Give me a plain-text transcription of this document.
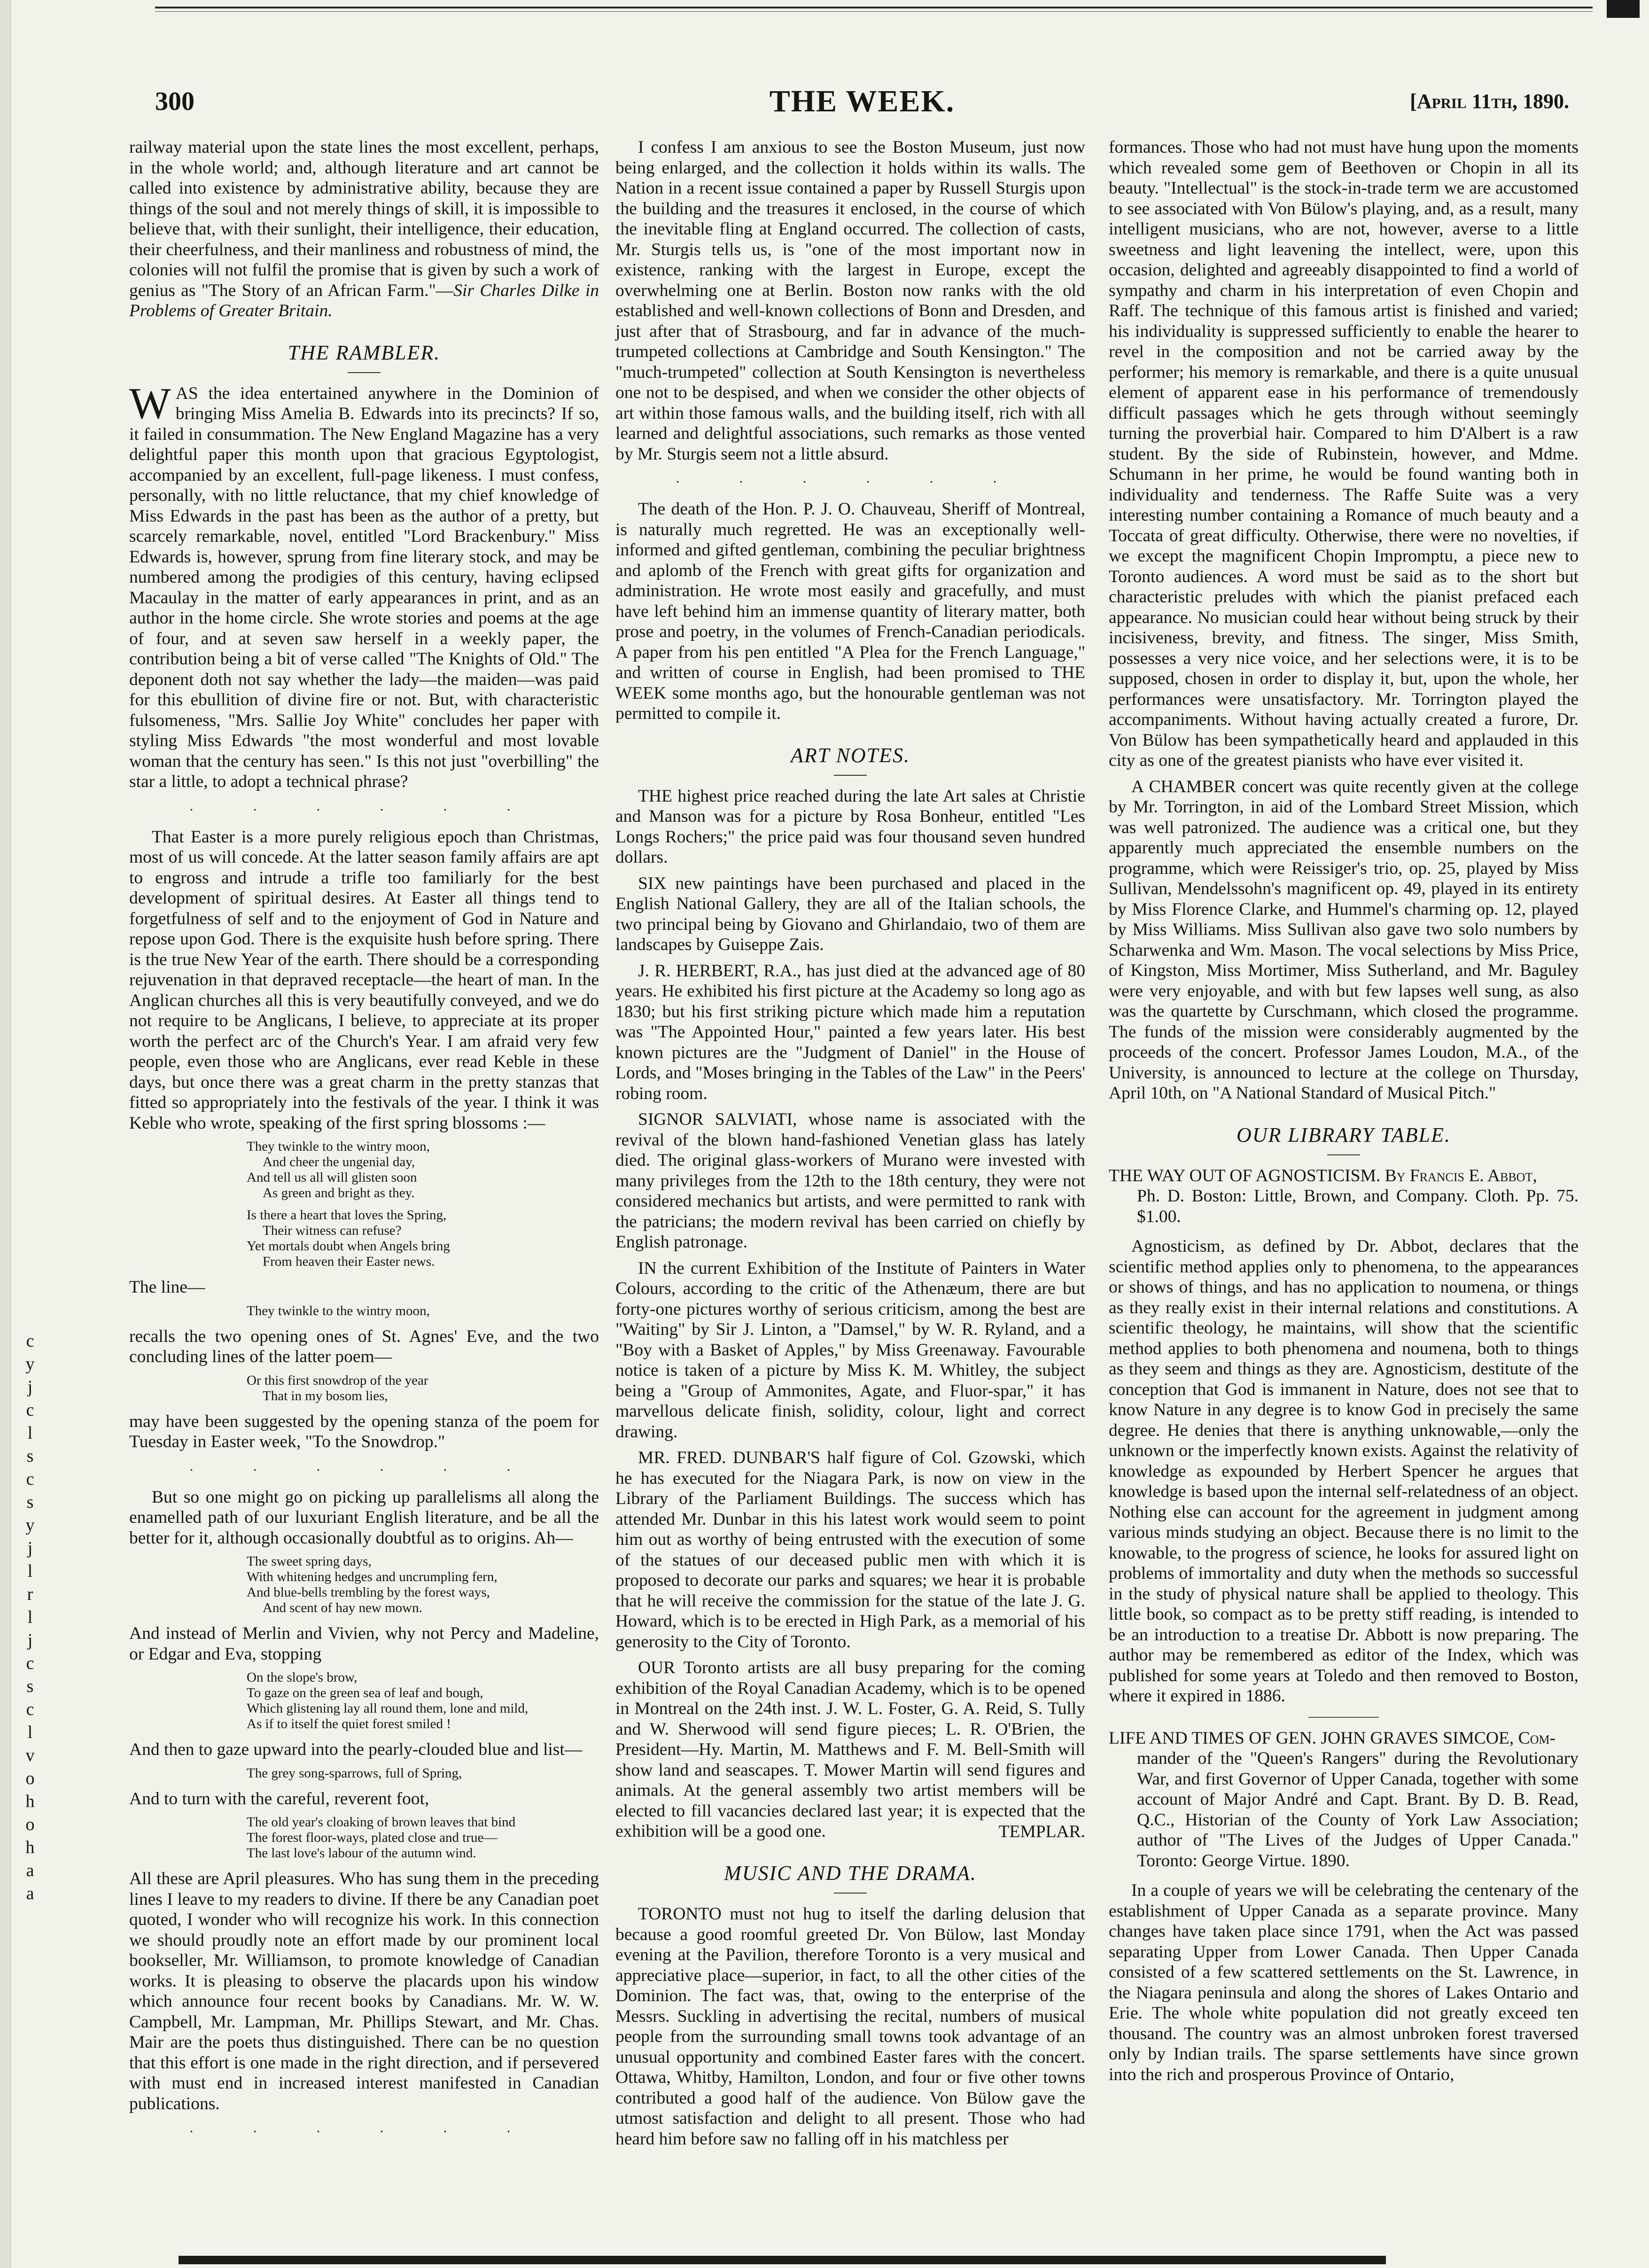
c
y
j
c
l
s
c
s
y
j
l
r
l
j
c
s
c
l
v
o
h
o
h
a
a
300	THE WEEK.	[April 11th, 1890.

railway material upon the state lines the most excellent, perhaps, in the whole world; and, although literature and art cannot be called into existence by administrative ability, because they are things of the soul and not merely things of skill, it is impossible to believe that, with their sunlight, their intelligence, their education, their cheerfulness, and their manliness and robustness of mind, the colonies will not fulfil the promise that is given by such a work of genius as "The Story of an African Farm."—Sir Charles Dilke in Problems of Greater Britain.

THE RAMBLER.

WAS the idea entertained anywhere in the Dominion of bringing Miss Amelia B. Edwards into its precincts? If so, it failed in consummation. The New England Magazine has a very delightful paper this month upon that gracious Egyptologist, accompanied by an excellent, full-page likeness. I must confess, personally, with no little reluctance, that my chief knowledge of Miss Edwards in the past has been as the author of a pretty, but scarcely remarkable, novel, entitled "Lord Brackenbury." Miss Edwards is, however, sprung from fine literary stock, and may be numbered among the prodigies of this century, having eclipsed Macaulay in the matter of early appearances in print, and as an author in the home circle. She wrote stories and poems at the age of four, and at seven saw herself in a weekly paper, the contribution being a bit of verse called "The Knights of Old." The deponent doth not say whether the lady—the maiden—was paid for this ebullition of divine fire or not. But, with characteristic fulsomeness, "Mrs. Sallie Joy White" concludes her paper with styling Miss Edwards "the most wonderful and most lovable woman that the century has seen." Is this not just "overbilling" the star a little, to adopt a technical phrase?

. . . . . .

That Easter is a more purely religious epoch than Christmas, most of us will concede. At the latter season family affairs are apt to engross and intrude a trifle too familiarly for the best development of spiritual desires. At Easter all things tend to forgetfulness of self and to the enjoyment of God in Nature and repose upon God. There is the exquisite hush before spring. There is the true New Year of the earth. There should be a corresponding rejuvenation in that depraved receptacle—the heart of man. In the Anglican churches all this is very beautifully conveyed, and we do not require to be Anglicans, I believe, to appreciate at its proper worth the perfect arc of the Church's Year. I am afraid very few people, even those who are Anglicans, ever read Keble in these days, but once there was a great charm in the pretty stanzas that fitted so appropriately into the festivals of the year. I think it was Keble who wrote, speaking of the first spring blossoms :—

They twinkle to the wintry moon,
And cheer the ungenial day,
And tell us all will glisten soon
As green and bright as they.
Is there a heart that loves the Spring,
Their witness can refuse?
Yet mortals doubt when Angels bring
From heaven their Easter news.

The line—

They twinkle to the wintry moon,

recalls the two opening ones of St. Agnes' Eve, and the two concluding lines of the latter poem—

Or this first snowdrop of the year
That in my bosom lies,

may have been suggested by the opening stanza of the poem for Tuesday in Easter week, "To the Snowdrop."

. . . . . .

But so one might go on picking up parallelisms all along the enamelled path of our luxuriant English literature, and be all the better for it, although occasionally doubtful as to origins. Ah—

The sweet spring days,
With whitening hedges and uncrumpling fern,
And blue-bells trembling by the forest ways,
And scent of hay new mown.

And instead of Merlin and Vivien, why not Percy and Madeline, or Edgar and Eva, stopping

On the slope's brow,
To gaze on the green sea of leaf and bough,
Which glistening lay all round them, lone and mild,
As if to itself the quiet forest smiled !

And then to gaze upward into the pearly-clouded blue and list—

The grey song-sparrows, full of Spring,

And to turn with the careful, reverent foot,

The old year's cloaking of brown leaves that bind
The forest floor-ways, plated close and true—
The last love's labour of the autumn wind.

All these are April pleasures. Who has sung them in the preceding lines I leave to my readers to divine. If there be any Canadian poet quoted, I wonder who will recognize his work. In this connection we should proudly note an effort made by our prominent local bookseller, Mr. Williamson, to promote knowledge of Canadian works. It is pleasing to observe the placards upon his window which announce four recent books by Canadians. Mr. W. W. Campbell, Mr. Lampman, Mr. Phillips Stewart, and Mr. Chas. Mair are the poets thus distinguished. There can be no question that this effort is one made in the right direction, and if persevered with must end in increased interest manifested in Canadian publications.

. . . . . .

I confess I am anxious to see the Boston Museum, just now being enlarged, and the collection it holds within its walls. The Nation in a recent issue contained a paper by Russell Sturgis upon the building and the treasures it enclosed, in the course of which the inevitable fling at England occurred. The collection of casts, Mr. Sturgis tells us, is "one of the most important now in existence, ranking with the largest in Europe, except the overwhelming one at Berlin. Boston now ranks with the old established and well-known collections of Bonn and Dresden, and just after that of Strasbourg, and far in advance of the much-trumpeted collections at Cambridge and South Kensington." The "much-trumpeted" collection at South Kensington is nevertheless one not to be despised, and when we consider the other objects of art within those famous walls, and the building itself, rich with all learned and delightful associations, such remarks as those vented by Mr. Sturgis seem not a little absurd.

. . . . . .

The death of the Hon. P. J. O. Chauveau, Sheriff of Montreal, is naturally much regretted. He was an exceptionally well-informed and gifted gentleman, combining the peculiar brightness and aplomb of the French with great gifts for organization and administration. He wrote most easily and gracefully, and must have left behind him an immense quantity of literary matter, both prose and poetry, in the volumes of French-Canadian periodicals. A paper from his pen entitled "A Plea for the French Language," and written of course in English, had been promised to THE WEEK some months ago, but the honourable gentleman was not permitted to compile it.

ART NOTES.

THE highest price reached during the late Art sales at Christie and Manson was for a picture by Rosa Bonheur, entitled "Les Longs Rochers;" the price paid was four thousand seven hundred dollars.

SIX new paintings have been purchased and placed in the English National Gallery, they are all of the Italian schools, the two principal being by Giovano and Ghirlandaio, two of them are landscapes by Guiseppe Zais.

J. R. HERBERT, R.A., has just died at the advanced age of 80 years. He exhibited his first picture at the Academy so long ago as 1830; but his first striking picture which made him a reputation was "The Appointed Hour," painted a few years later. His best known pictures are the "Judgment of Daniel" in the House of Lords, and "Moses bringing in the Tables of the Law" in the Peers' robing room.

SIGNOR SALVIATI, whose name is associated with the revival of the blown hand-fashioned Venetian glass has lately died. The original glass-workers of Murano were invested with many privileges from the 12th to the 18th century, they were not considered mechanics but artists, and were permitted to rank with the patricians; the modern revival has been carried on chiefly by English patronage.

IN the current Exhibition of the Institute of Painters in Water Colours, according to the critic of the Athenæum, there are but forty-one pictures worthy of serious criticism, among the best are "Waiting" by Sir J. Linton, a "Damsel," by W. R. Ryland, and a "Boy with a Basket of Apples," by Miss Greenaway. Favourable notice is taken of a picture by Miss K. M. Whitley, the subject being a "Group of Ammonites, Agate, and Fluor-spar," it has marvellous delicate finish, solidity, colour, light and correct drawing.

MR. FRED. DUNBAR'S half figure of Col. Gzowski, which he has executed for the Niagara Park, is now on view in the Library of the Parliament Buildings. The success which has attended Mr. Dunbar in this his latest work would seem to point him out as worthy of being entrusted with the execution of some of the statues of our deceased public men with which it is proposed to decorate our parks and squares; we hear it is probable that he will receive the commission for the statue of the late J. G. Howard, which is to be erected in High Park, as a memorial of his generosity to the City of Toronto.

OUR Toronto artists are all busy preparing for the coming exhibition of the Royal Canadian Academy, which is to be opened in Montreal on the 24th inst. J. W. L. Foster, G. A. Reid, S. Tully and W. Sherwood will send figure pieces; L. R. O'Brien, the President—Hy. Martin, M. Matthews and F. M. Bell-Smith will show land and seascapes. T. Mower Martin will send figures and animals. At the general assembly two artist members will be elected to fill vacancies declared last year; it is expected that the exhibition will be a good one.	TEMPLAR.

MUSIC AND THE DRAMA.

TORONTO must not hug to itself the darling delusion that because a good roomful greeted Dr. Von Bülow, last Monday evening at the Pavilion, therefore Toronto is a very musical and appreciative place—superior, in fact, to all the other cities of the Dominion. The fact was, that, owing to the enterprise of the Messrs. Suckling in advertising the recital, numbers of musical people from the surrounding small towns took advantage of an unusual opportunity and combined Easter fares with the concert. Ottawa, Whitby, Hamilton, London, and four or five other towns contributed a good half of the audience. Von Bülow gave the utmost satisfaction and delight to all present. Those who had heard him before saw no falling off in his matchless per

formances. Those who had not must have hung upon the moments which revealed some gem of Beethoven or Chopin in all its beauty. "Intellectual" is the stock-in-trade term we are accustomed to see associated with Von Bülow's playing, and, as a result, many intelligent musicians, who are not, however, averse to a little sweetness and light leavening the intellect, were, upon this occasion, delighted and agreeably disappointed to find a world of sympathy and charm in his interpretation of even Chopin and Raff. The technique of this famous artist is finished and varied; his individuality is suppressed sufficiently to enable the hearer to revel in the composition and not be carried away by the performer; his memory is remarkable, and there is a quite unusual element of apparent ease in his performance of tremendously difficult passages which he gets through without seemingly turning the proverbial hair. Compared to him D'Albert is a raw student. By the side of Rubinstein, however, and Mdme. Schumann in her prime, he would be found wanting both in individuality and tenderness. The Raffe Suite was a very interesting number containing a Romance of much beauty and a Toccata of great difficulty. Otherwise, there were no novelties, if we except the magnificent Chopin Impromptu, a piece new to Toronto audiences. A word must be said as to the short but characteristic preludes with which the pianist prefaced each appearance. No musician could hear without being struck by their incisiveness, brevity, and fitness. The singer, Miss Smith, possesses a very nice voice, and her selections were, it is to be supposed, chosen in order to display it, but, upon the whole, her performances were unsatisfactory. Mr. Torrington played the accompaniments. Without having actually created a furore, Dr. Von Bülow has been sympathetically heard and applauded in this city as one of the greatest pianists who have ever visited it.

A CHAMBER concert was quite recently given at the college by Mr. Torrington, in aid of the Lombard Street Mission, which was well patronized. The audience was a critical one, but they apparently much appreciated the ensemble numbers on the programme, which were Reissiger's trio, op. 25, played by Miss Sullivan, Mendelssohn's magnificent op. 49, played in its entirety by Miss Florence Clarke, and Hummel's charming op. 12, played by Miss Williams. Miss Sullivan also gave two solo numbers by Scharwenka and Wm. Mason. The vocal selections by Miss Price, of Kingston, Miss Mortimer, Miss Sutherland, and Mr. Baguley were very enjoyable, and with but few lapses well sung, as also was the quartette by Curschmann, which closed the programme. The funds of the mission were considerably augmented by the proceeds of the concert. Professor James Loudon, M.A., of the University, is announced to lecture at the college on Thursday, April 10th, on "A National Standard of Musical Pitch."

OUR LIBRARY TABLE.
THE WAY OUT OF AGNOSTICISM. By Francis E. Abbot,
Ph. D. Boston: Little, Brown, and Company. Cloth. Pp. 75. $1.00.

Agnosticism, as defined by Dr. Abbot, declares that the scientific method applies only to phenomena, to the appearances or shows of things, and has no application to noumena, or things as they really exist in their internal relations and constitutions. A scientific theology, he maintains, will show that the scientific method applies to both phenomena and noumena, both to things as they seem and things as they are. Agnosticism, destitute of the conception that God is immanent in Nature, does not see that to know Nature in any degree is to know God in precisely the same degree. He denies that there is anything unknowable,—only the unknown or the imperfectly known exists. Against the relativity of knowledge as expounded by Herbert Spencer he argues that knowledge is based upon the internal self-relatedness of an object. Nothing else can account for the agreement in judgment among various minds studying an object. Because there is no limit to the knowable, to the progress of science, he looks for assured light on problems of immortality and duty when the methods so successful in the study of physical nature shall be applied to theology. This little book, so compact as to be pretty stiff reading, is intended to be an introduction to a treatise Dr. Abbott is now preparing. The author may be remembered as editor of the Index, which was published for some years at Toledo and then removed to Boston, where it expired in 1886.

LIFE AND TIMES OF GEN. JOHN GRAVES SIMCOE, Com-
mander of the "Queen's Rangers" during the Revolutionary War, and first Governor of Upper Canada, together with some account of Major André and Capt. Brant. By D. B. Read, Q.C., Historian of the County of York Law Association; author of "The Lives of the Judges of Upper Canada." Toronto: George Virtue. 1890.

In a couple of years we will be celebrating the centenary of the establishment of Upper Canada as a separate province. Many changes have taken place since 1791, when the Act was passed separating Upper from Lower Canada. Then Upper Canada consisted of a few scattered settlements on the St. Lawrence, in the Niagara peninsula and along the shores of Lakes Ontario and Erie. The whole white population did not greatly exceed ten thousand. The country was an almost unbroken forest traversed only by Indian trails. The sparse settlements have since grown into the rich and prosperous Province of Ontario,
